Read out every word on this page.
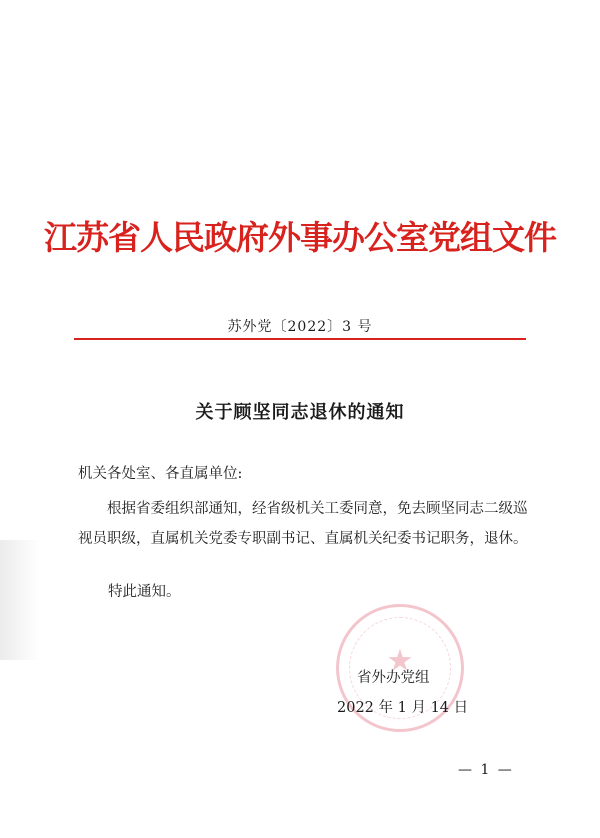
江苏省人民政府外事办公室党组文件
苏外党〔2022〕3 号
关于顾坚同志退休的通知
机关各处室、各直属单位:
根据省委组织部通知，经省级机关工委同意，免去顾坚同志二级巡视员职级，直属机关党委专职副书记、直属机关纪委书记职务，退休。
特此通知。
★
省外办党组
2022 年 1 月 14 日
— 1 —
